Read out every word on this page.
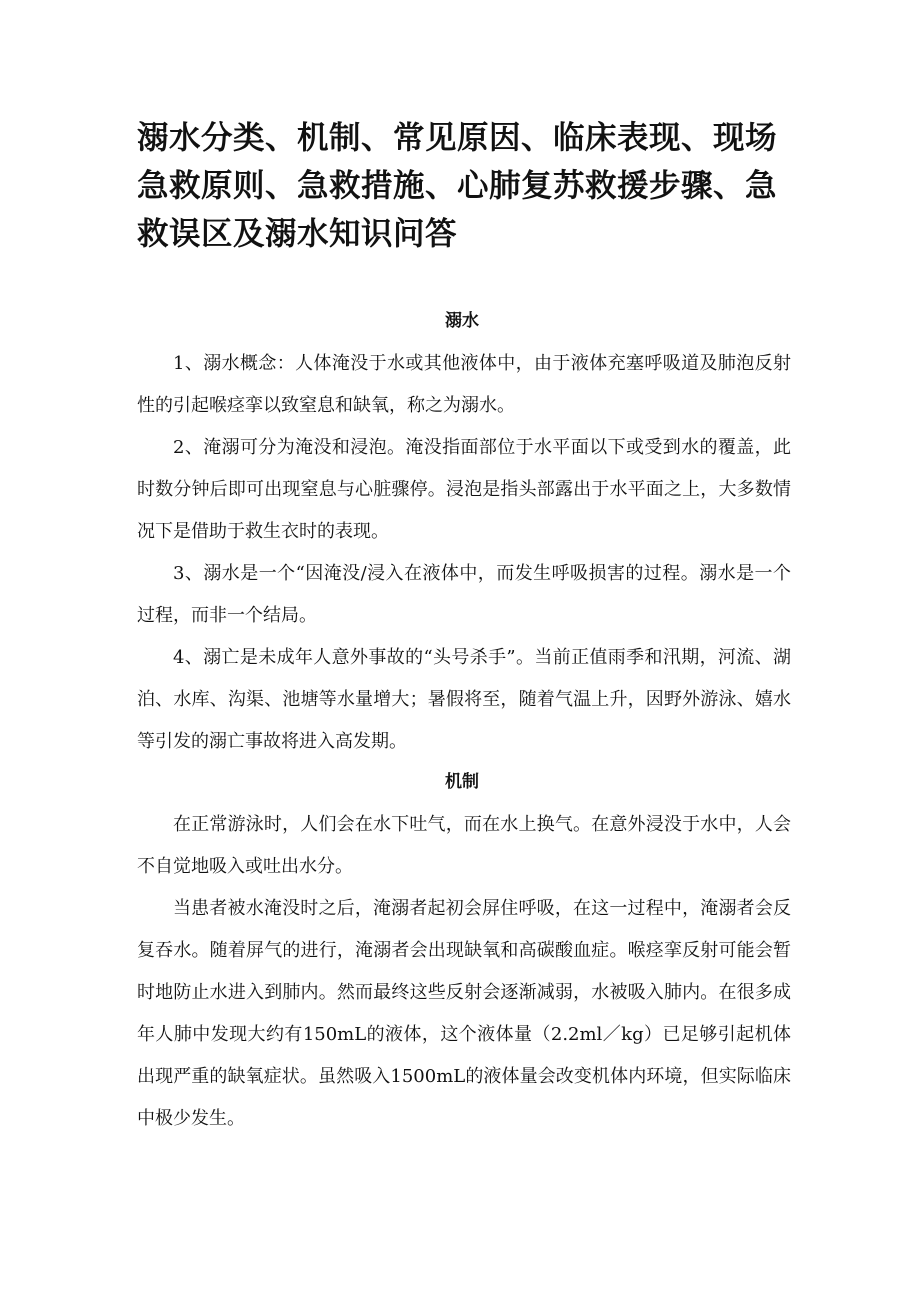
溺水分类、机制、常见原因、临床表现、现场急救原则、急救措施、心肺复苏救援步骤、急救误区及溺水知识问答
溺水

1、溺水概念：人体淹没于水或其他液体中，由于液体充塞呼吸道及肺泡反射性的引起喉痉挛以致窒息和缺氧，称之为溺水。

2、淹溺可分为淹没和浸泡。淹没指面部位于水平面以下或受到水的覆盖，此时数分钟后即可出现窒息与心脏骤停。浸泡是指头部露出于水平面之上，大多数情况下是借助于救生衣时的表现。

3、溺水是一个“因淹没/浸入在液体中，而发生呼吸损害的过程。溺水是一个过程，而非一个结局。

4、溺亡是未成年人意外事故的“头号杀手”。当前正值雨季和汛期，河流、湖泊、水库、沟渠、池塘等水量增大；暑假将至，随着气温上升，因野外游泳、嬉水等引发的溺亡事故将进入高发期。

机制

在正常游泳时，人们会在水下吐气，而在水上换气。在意外浸没于水中，人会不自觉地吸入或吐出水分。

当患者被水淹没时之后，淹溺者起初会屏住呼吸，在这一过程中，淹溺者会反复吞水。随着屏气的进行，淹溺者会出现缺氧和高碳酸血症。喉痉挛反射可能会暂时地防止水进入到肺内。然而最终这些反射会逐渐减弱，水被吸入肺内。在很多成年人肺中发现大约有150mL的液体，这个液体量（2.2ml／kg）已足够引起机体出现严重的缺氧症状。虽然吸入1500mL的液体量会改变机体内环境，但实际临床中极少发生。
